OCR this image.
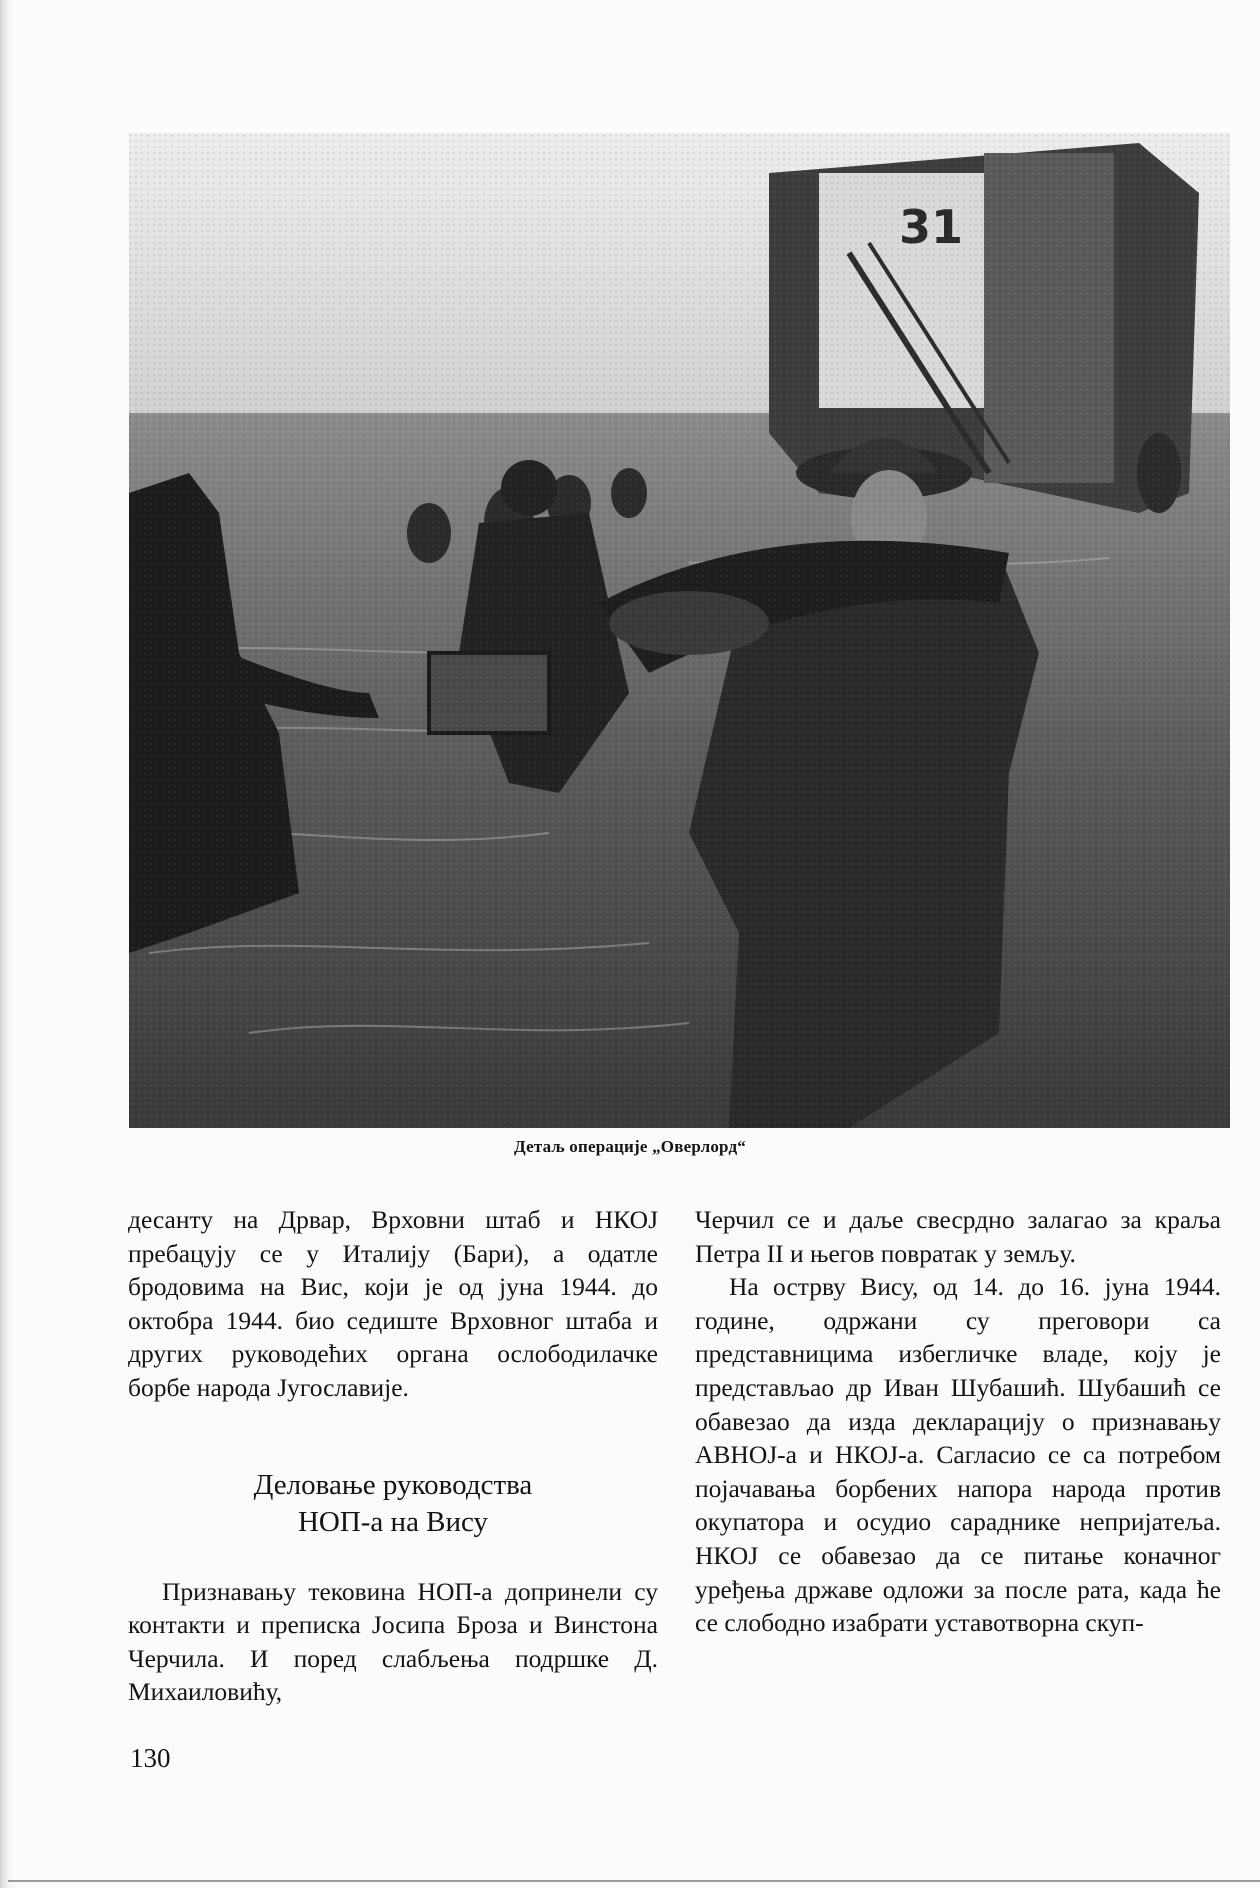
Детаљ операције „Оверлорд“

десанту на Дрвар, Врховни штаб и НКОЈ пребацују се у Италију (Бари), а одатле бродовима на Вис, који је од јуна 1944. до октобра 1944. био седиште Врховног штаба и других руководећих органа ослободилачке борбе народа Југославије.

Деловање руководства
НОП-а на Вису

Признавању тековина НОП-а допринели су контакти и преписка Јосипа Броза и Винстона Черчила. И поред слабљења подршке Д. Михаиловићу,

Черчил се и даље свесрдно залагао за краља Петра II и његов повратак у земљу.

На острву Вису, од 14. до 16. јуна 1944. године, одржани су преговори са представницима избегличке владе, коју је представљао др Иван Шубашић. Шубашић се обавезао да изда декларацију о признавању АВНОЈ-а и НКОЈ-а. Сагласио се са потребом појачавања борбених напора народа против окупатора и осудио сараднике непријатеља. НКОЈ се обавезао да се питање коначног уређења државе одложи за после рата, када ће се слободно изабрати уставотворна скуп-

130
